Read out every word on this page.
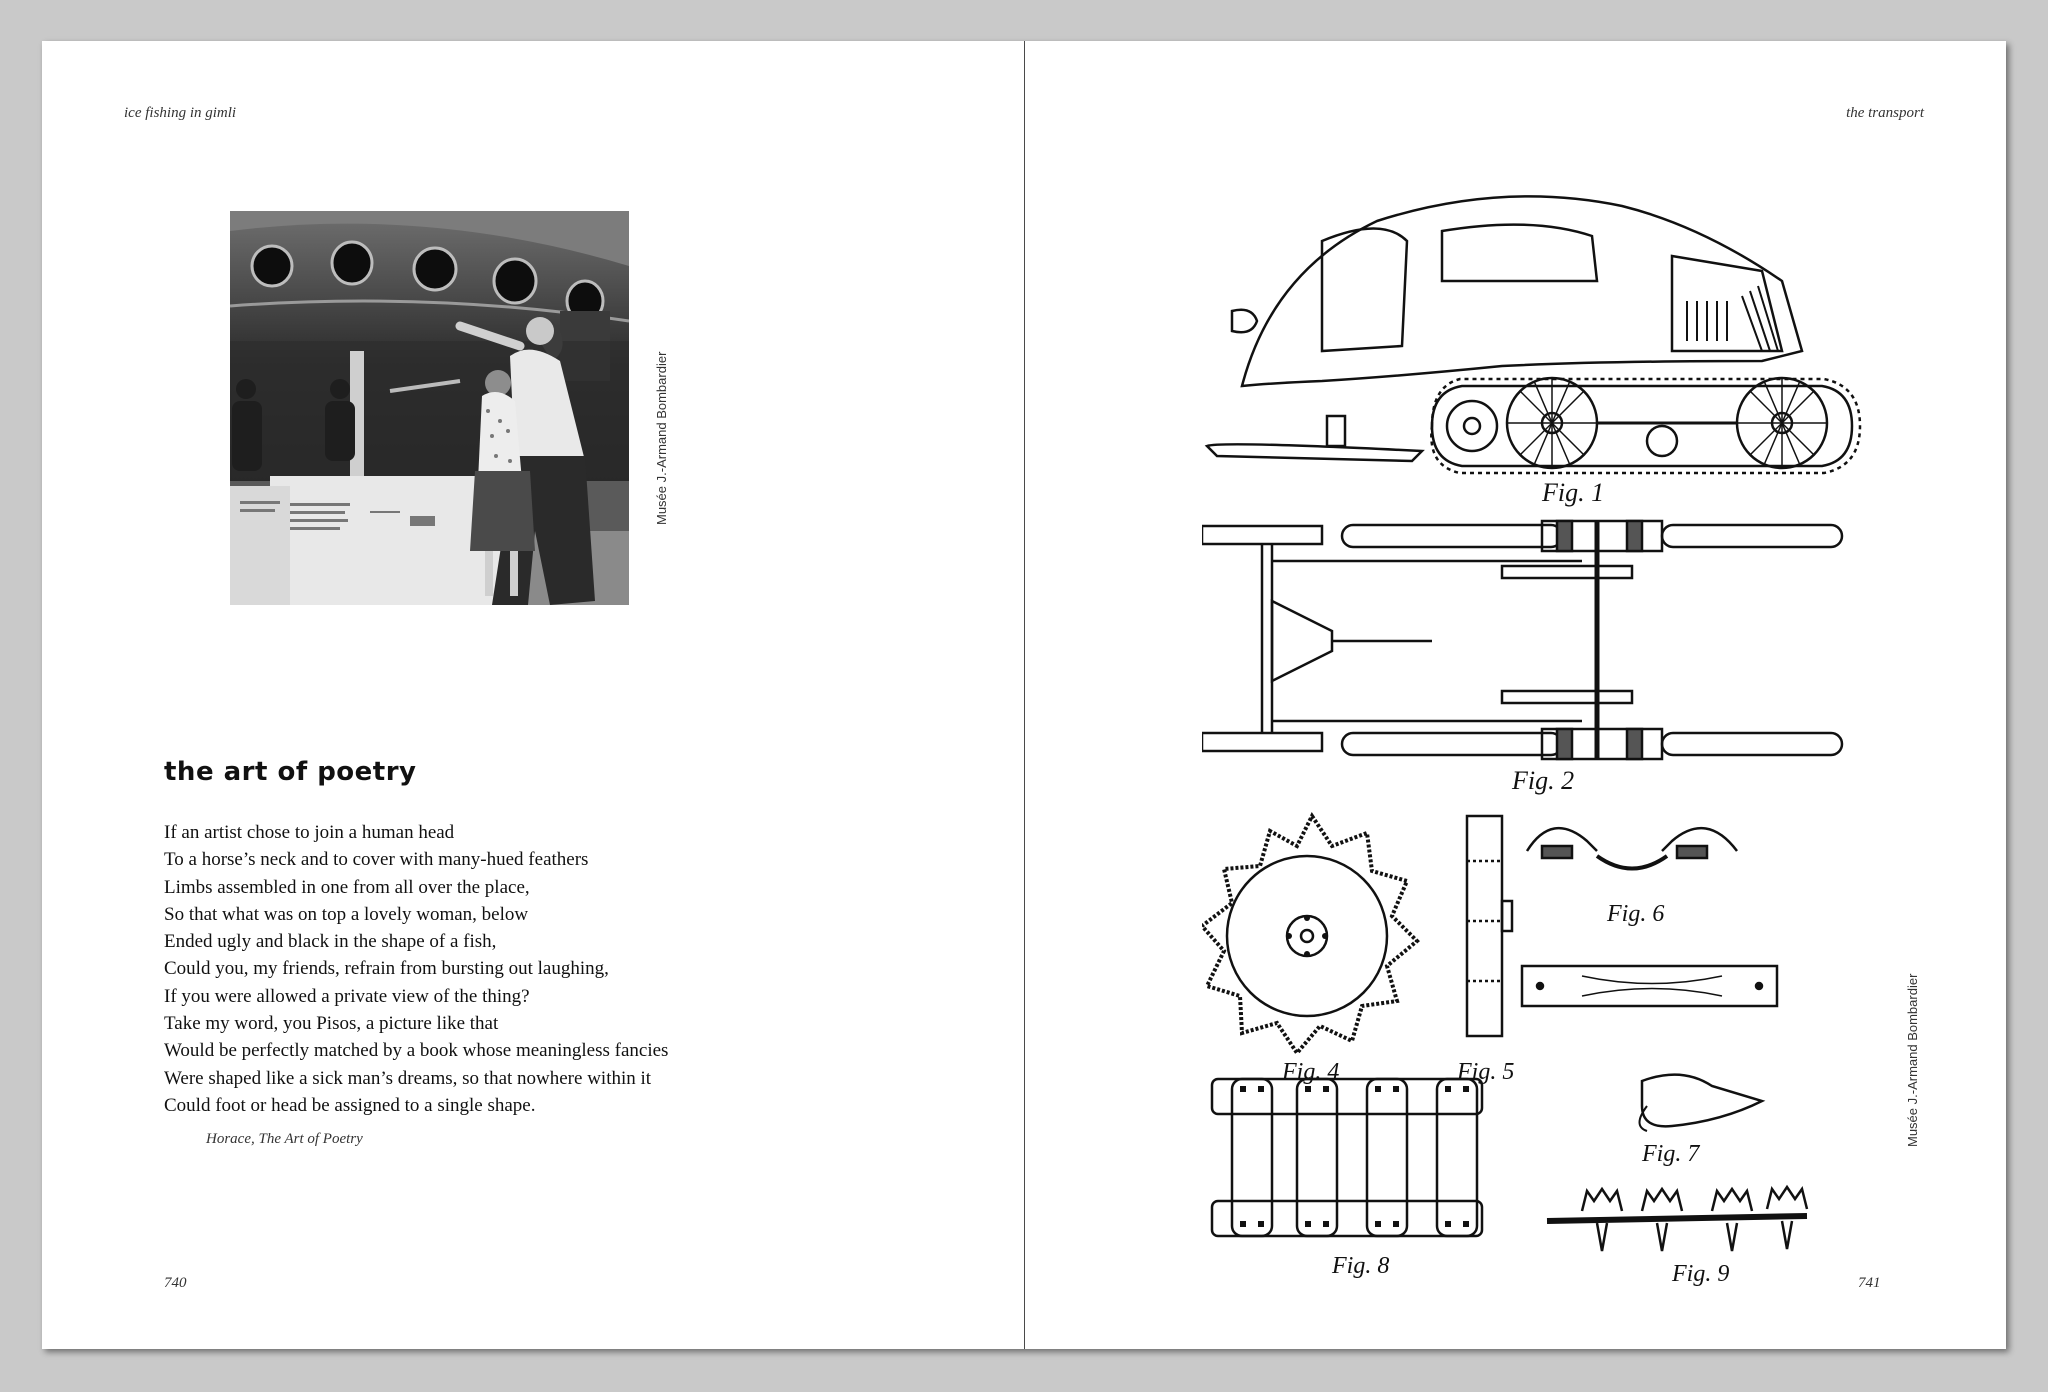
ice fishing in gimli

Musée J.-Armand Bombardier

the art of poetry
If an artist chose to join a human head
To a horse’s neck and to cover with many-hued feathers
Limbs assembled in one from all over the place,
So that what was on top a lovely woman, below
Ended ugly and black in the shape of a fish,
Could you, my friends, refrain from bursting out laughing,
If you were allowed a private view of the thing?
Take my word, you Pisos, a picture like that
Would be perfectly matched by a book whose meaningless fancies
Were shaped like a sick man’s dreams, so that nowhere within it
Could foot or head be assigned to a single shape.

Horace, The Art of Poetry

740

the transport

Fig. 1
Fig. 2
Fig. 4	Fig. 5
Fig. 6
Fig. 7
Fig. 8	Fig. 9

Musée J.-Armand Bombardier

741
